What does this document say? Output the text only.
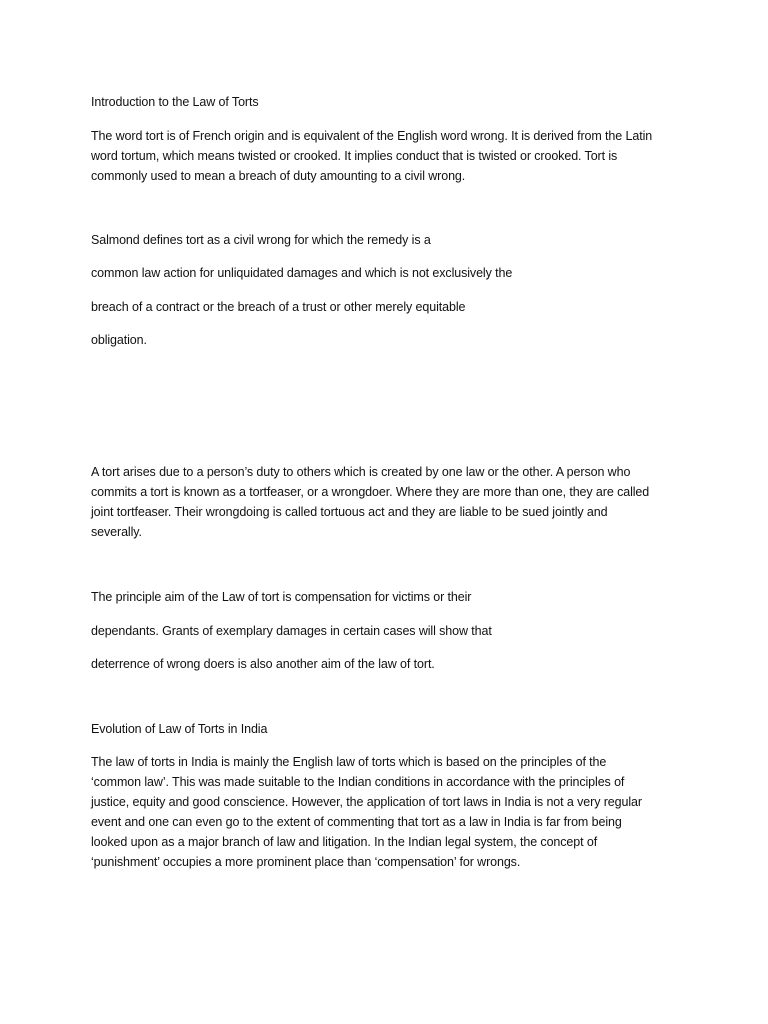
Introduction to the Law of Torts

The word tort is of French origin and is equivalent of the English word wrong. It is derived from the Latin

word tortum, which means twisted or crooked. It implies conduct that is twisted or crooked. Tort is

commonly used to mean a breach of duty amounting to a civil wrong.

Salmond defines tort as a civil wrong for which the remedy is a

common law action for unliquidated damages and which is not exclusively the

breach of a contract or the breach of a trust or other merely equitable

obligation.

A tort arises due to a person’s duty to others which is created by one law or the other. A person who

commits a tort is known as a tortfeaser, or a wrongdoer. Where they are more than one, they are called

joint tortfeaser. Their wrongdoing is called tortuous act and they are liable to be sued jointly and

severally.

The principle aim of the Law of tort is compensation for victims or their

dependants. Grants of exemplary damages in certain cases will show that

deterrence of wrong doers is also another aim of the law of tort.

Evolution of Law of Torts in India

The law of torts in India is mainly the English law of torts which is based on the principles of the

‘common law’. This was made suitable to the Indian conditions in accordance with the principles of

justice, equity and good conscience. However, the application of tort laws in India is not a very regular

event and one can even go to the extent of commenting that tort as a law in India is far from being

looked upon as a major branch of law and litigation. In the Indian legal system, the concept of

‘punishment’ occupies a more prominent place than ‘compensation’ for wrongs.
